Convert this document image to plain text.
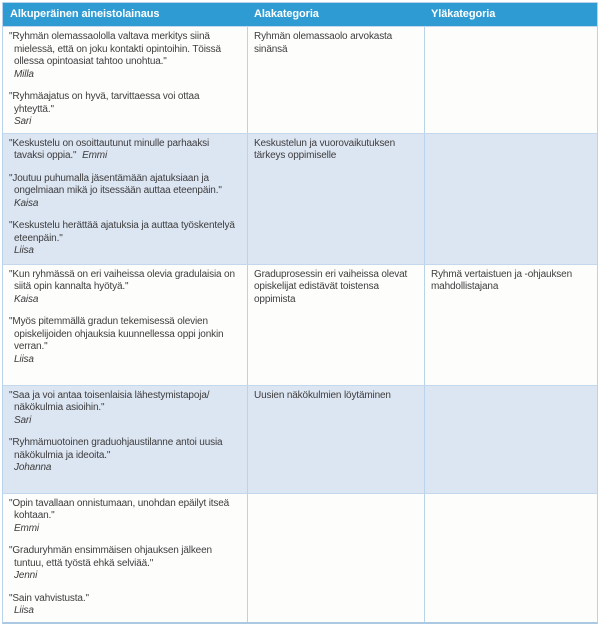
Alkuperäinen aineistolainaus	Alakategoria	Yläkategoria
"Ryhmän olemassaololla valtava merkitys siinä mielessä, että on joku kontakti opintoihin. Töissä ollessa opintoasiat tahtoo unohtua."
Milla
"Ryhmäajatus on hyvä, tarvittaessa voi ottaa yhteyttä."
Sari
Ryhmän olemassaolo arvokasta sinänsä
"Keskustelu on osoittautunut minulle parhaaksi tavaksi oppia." Emmi
"Joutuu puhumalla jäsentämään ajatuksiaan ja ongelmiaan mikä jo itsessään auttaa eteenpäin."
Kaisa
"Keskustelu herättää ajatuksia ja auttaa työskentelyä eteenpäin."
Liisa
Keskustelun ja vuorovaikutuksen tärkeys oppimiselle
"Kun ryhmässä on eri vaiheissa olevia gradulaisia on siitä opin kannalta hyötyä."
Kaisa
"Myös pitemmällä gradun tekemisessä olevien opiskelijoiden ohjauksia kuunnellessa oppi jonkin verran."
Liisa
Graduprosessin eri vaiheissa olevat opiskelijat edistävät toistensa oppimista
Ryhmä vertaistuen ja -ohjauksen mahdollistajana
"Saa ja voi antaa toisenlaisia lähestymistapoja/ näkökulmia asioihin."
Sari
"Ryhmämuotoinen graduohjaustilanne antoi uusia näkökulmia ja ideoita."
Johanna
Uusien näkökulmien löytäminen
"Opin tavallaan onnistumaan, unohdan epäilyt itseä kohtaan."
Emmi
"Graduryhmän ensimmäisen ohjauksen jälkeen tuntuu, että työstä ehkä selviää."
Jenni
"Sain vahvistusta."
Liisa
